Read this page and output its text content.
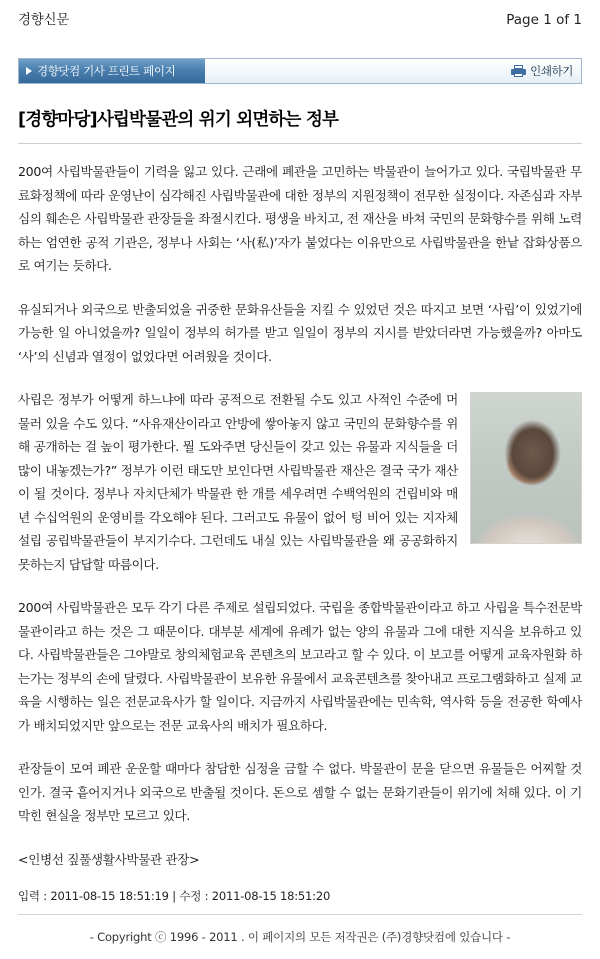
경향신문	Page 1 of 1
경향닷컴 기사 프린트 페이지	인쇄하기
[경향마당]사립박물관의 위기 외면하는 정부

200여 사립박물관들이 기력을 잃고 있다. 근래에 폐관을 고민하는 박물관이 늘어가고 있다. 국립박물관 무료화정책에 따라 운영난이 심각해진 사립박물관에 대한 정부의 지원정책이 전무한 실정이다. 자존심과 자부심의 훼손은 사립박물관 관장들을 좌절시킨다. 평생을 바치고, 전 재산을 바쳐 국민의 문화향수를 위해 노력하는 엄연한 공적 기관은, 정부나 사회는 ‘사(私)’자가 붙었다는 이유만으로 사립박물관을 한낱 잡화상품으로 여기는 듯하다.

유실되거나 외국으로 반출되었을 귀중한 문화유산들을 지킬 수 있었던 것은 따지고 보면 ‘사립’이 있었기에 가능한 일 아니었을까? 일일이 정부의 허가를 받고 일일이 정부의 지시를 받았더라면 가능했을까? 아마도 ‘사’의 신념과 열정이 없었다면 어려웠을 것이다.

사립은 정부가 어떻게 하느냐에 따라 공적으로 전환될 수도 있고 사적인 수준에 머물러 있을 수도 있다. “사유재산이라고 안방에 쌓아놓지 않고 국민의 문화향수를 위해 공개하는 걸 높이 평가한다. 뭘 도와주면 당신들이 갖고 있는 유물과 지식들을 더 많이 내놓겠는가?” 정부가 이런 태도만 보인다면 사립박물관 재산은 결국 국가 재산이 될 것이다. 정부나 자치단체가 박물관 한 개를 세우려면 수백억원의 건립비와 매년 수십억원의 운영비를 각오해야 된다. 그러고도 유물이 없어 텅 비어 있는 지자체 설립 공립박물관들이 부지기수다. 그런데도 내실 있는 사립박물관을 왜 공공화하지 못하는지 답답할 따름이다.

200여 사립박물관은 모두 각기 다른 주제로 설립되었다. 국립을 종합박물관이라고 하고 사립을 특수전문박물관이라고 하는 것은 그 때문이다. 대부분 세계에 유례가 없는 양의 유물과 그에 대한 지식을 보유하고 있다. 사립박물관들은 그야말로 창의체험교육 콘텐츠의 보고라고 할 수 있다. 이 보고를 어떻게 교육자원화 하는가는 정부의 손에 달렸다. 사립박물관이 보유한 유물에서 교육콘텐츠를 찾아내고 프로그램화하고 실제 교육을 시행하는 일은 전문교육사가 할 일이다. 지금까지 사립박물관에는 민속학, 역사학 등을 전공한 학예사가 배치되었지만 앞으로는 전문 교육사의 배치가 필요하다.

관장들이 모여 폐관 운운할 때마다 참담한 심정을 금할 수 없다. 박물관이 문을 닫으면 유물들은 어찌할 것인가. 결국 흩어지거나 외국으로 반출될 것이다. 돈으로 셈할 수 없는 문화기관들이 위기에 처해 있다. 이 기막힌 현실을 정부만 모르고 있다.

<인병선 짚풀생활사박물관 관장>
입력 : 2011-08-15 18:51:19 | 수정 : 2011-08-15 18:51:20
- Copyright ⓒ 1996 - 2011 . 이 페이지의 모든 저작권은 (주)경향닷컴에 있습니다 -
